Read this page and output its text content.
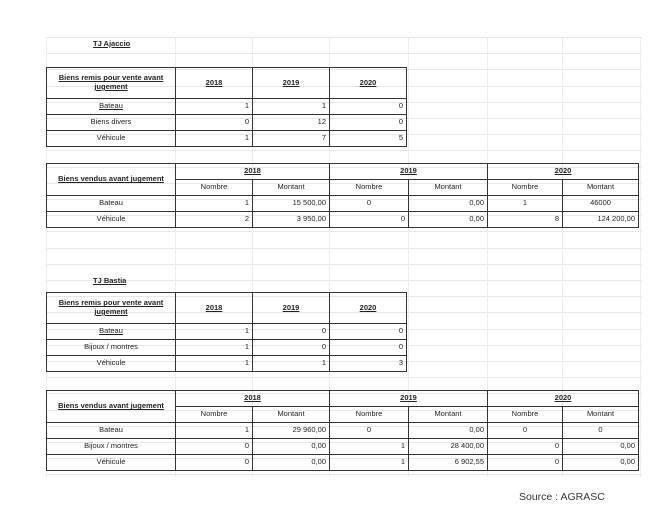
TJ Ajaccio
Biens remis pour vente avant jugement	2018	2019	2020
Bateau	1	1	0
Biens divers	0	12	0
Véhicule	1	7	5
Biens vendus avant jugement
2018	2019	2020
Nombre	Montant	Nombre	Montant	Nombre	Montant
Bateau	1	15 500,00	0	0,00	1	46000
Véhicule	2	3 950,00	0	0,00	8	124 200,00
TJ Bastia
Biens remis pour vente avant jugement	2018	2019	2020
Bateau	1	0	0
Bijoux / montres	1	0	0
Véhicule	1	1	3
Biens vendus avant jugement
2018	2019	2020
Nombre	Montant	Nombre	Montant	Nombre	Montant
Bateau	1	29 960,00	0	0,00	0	0
Bijoux / montres	0	0,00	1	28 400,00	0	0,00
Véhicule	0	0,00	1	6 902,55	0	0,00
Source : AGRASC
